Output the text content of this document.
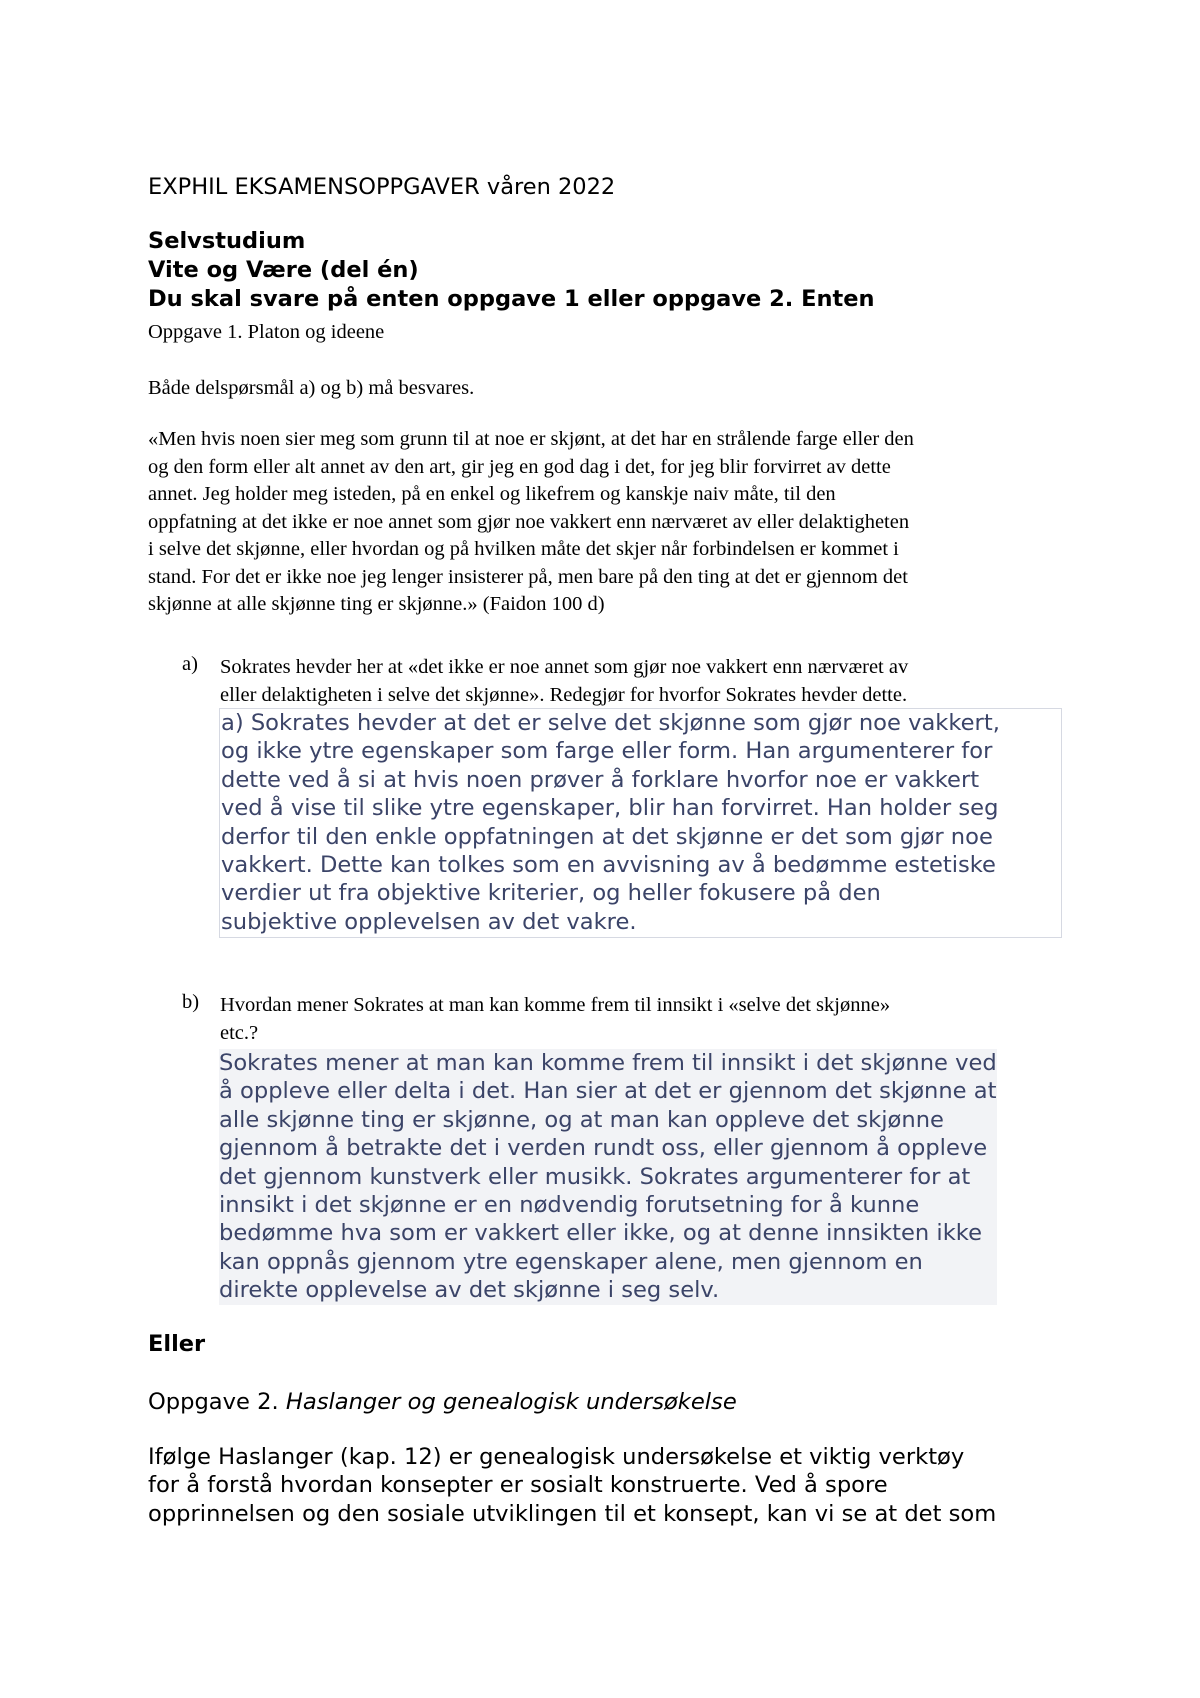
EXPHIL EKSAMENSOPPGAVER våren 2022
Selvstudium
Vite og Være (del én)
Du skal svare på enten oppgave 1 eller oppgave 2. Enten
Oppgave 1. Platon og ideene
Både delspørsmål a) og b) må besvares.
«Men hvis noen sier meg som grunn til at noe er skjønt, at det har en strålende farge eller den
og den form eller alt annet av den art, gir jeg en god dag i det, for jeg blir forvirret av dette
annet. Jeg holder meg isteden, på en enkel og likefrem og kanskje naiv måte, til den
oppfatning at det ikke er noe annet som gjør noe vakkert enn nærværet av eller delaktigheten
i selve det skjønne, eller hvordan og på hvilken måte det skjer når forbindelsen er kommet i
stand. For det er ikke noe jeg lenger insisterer på, men bare på den ting at det er gjennom det
skjønne at alle skjønne ting er skjønne.» (Faidon 100 d)
a) Sokrates hevder her at «det ikke er noe annet som gjør noe vakkert enn nærværet av
eller delaktigheten i selve det skjønne». Redegjør for hvorfor Sokrates hevder dette.
a) Sokrates hevder at det er selve det skjønne som gjør noe vakkert,
og ikke ytre egenskaper som farge eller form. Han argumenterer for
dette ved å si at hvis noen prøver å forklare hvorfor noe er vakkert
ved å vise til slike ytre egenskaper, blir han forvirret. Han holder seg
derfor til den enkle oppfatningen at det skjønne er det som gjør noe
vakkert. Dette kan tolkes som en avvisning av å bedømme estetiske
verdier ut fra objektive kriterier, og heller fokusere på den
subjektive opplevelsen av det vakre.
b) Hvordan mener Sokrates at man kan komme frem til innsikt i «selve det skjønne»
etc.?
Sokrates mener at man kan komme frem til innsikt i det skjønne ved
å oppleve eller delta i det. Han sier at det er gjennom det skjønne at
alle skjønne ting er skjønne, og at man kan oppleve det skjønne
gjennom å betrakte det i verden rundt oss, eller gjennom å oppleve
det gjennom kunstverk eller musikk. Sokrates argumenterer for at
innsikt i det skjønne er en nødvendig forutsetning for å kunne
bedømme hva som er vakkert eller ikke, og at denne innsikten ikke
kan oppnås gjennom ytre egenskaper alene, men gjennom en
direkte opplevelse av det skjønne i seg selv.
Eller
Oppgave 2. Haslanger og genealogisk undersøkelse
Ifølge Haslanger (kap. 12) er genealogisk undersøkelse et viktig verktøy
for å forstå hvordan konsepter er sosialt konstruerte. Ved å spore
opprinnelsen og den sosiale utviklingen til et konsept, kan vi se at det som
